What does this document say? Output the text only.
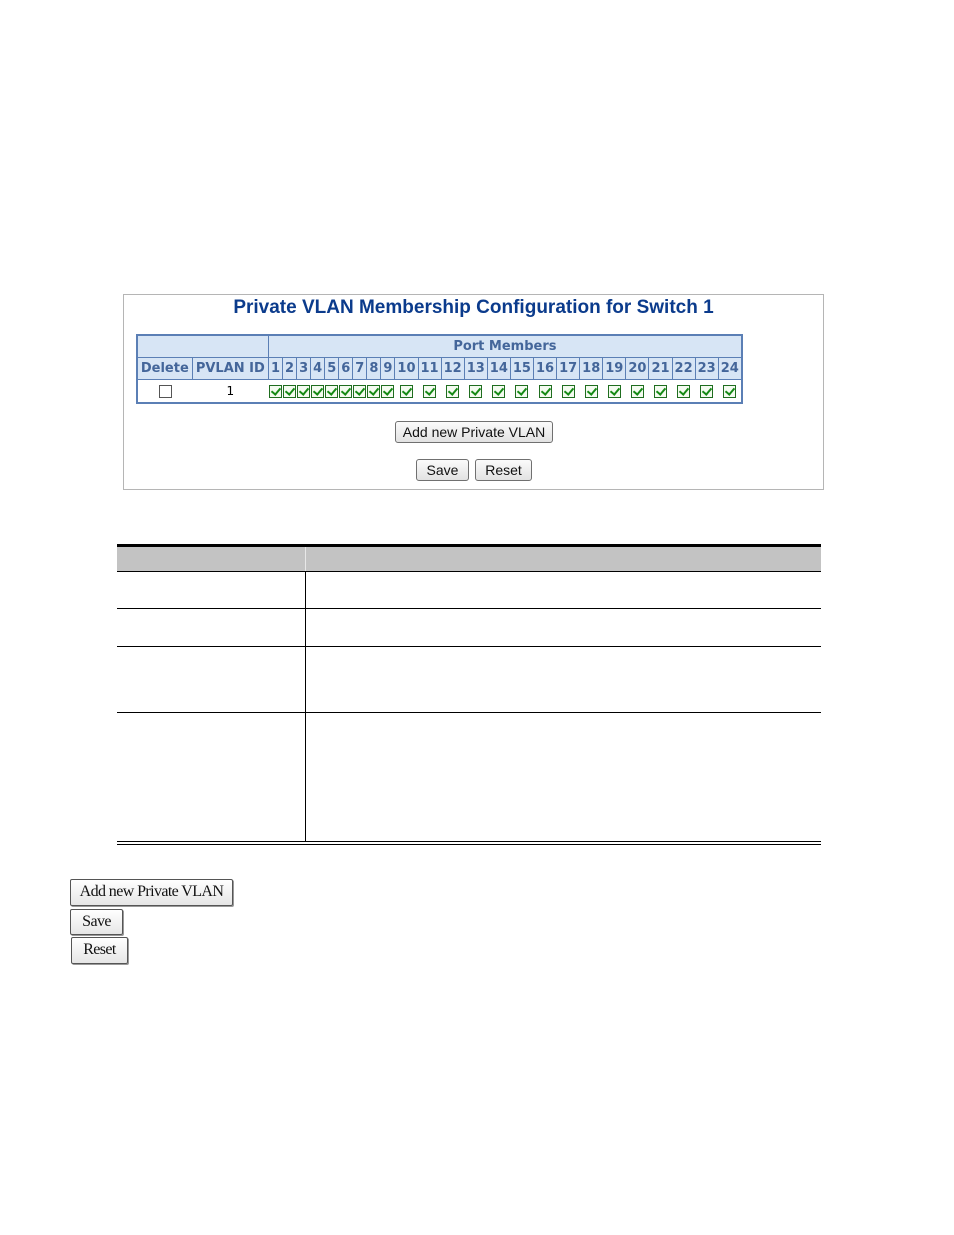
Private VLAN Membership Configuration for Switch 1
		Port Members																							
Delete	PVLAN ID	1	2	3	4	5	6	7	8	9	10	11	12	13	14	15	16	17	18	19	20	21	22	23	24
	1																								
Add new Private VLAN
Save	Reset
Add new Private VLAN
Save
Reset
